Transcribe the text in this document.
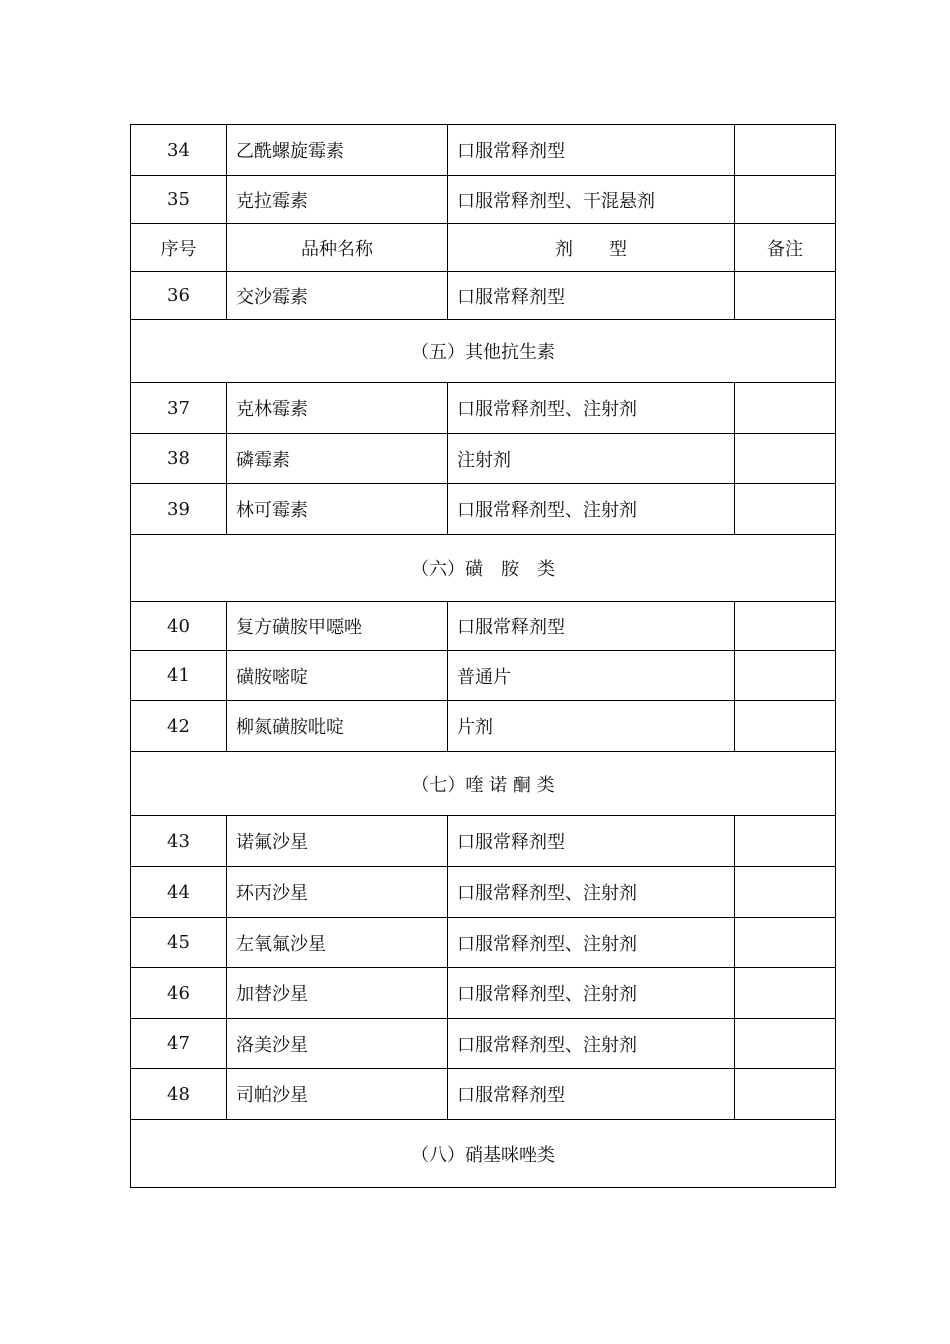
34	乙酰螺旋霉素	口服常释剂型	
35	克拉霉素	口服常释剂型、干混悬剂	
序号	品种名称	剂　　型	备注
36	交沙霉素	口服常释剂型	
（五）其他抗生素			
37	克林霉素	口服常释剂型、注射剂	
38	磷霉素	注射剂	
39	林可霉素	口服常释剂型、注射剂	
（六）磺　胺　类			
40	复方磺胺甲噁唑	口服常释剂型	
41	磺胺嘧啶	普通片	
42	柳氮磺胺吡啶	片剂	
（七）喹 诺 酮 类			
43	诺氟沙星	口服常释剂型	
44	环丙沙星	口服常释剂型、注射剂	
45	左氧氟沙星	口服常释剂型、注射剂	
46	加替沙星	口服常释剂型、注射剂	
47	洛美沙星	口服常释剂型、注射剂	
48	司帕沙星	口服常释剂型	
（八）硝基咪唑类			
